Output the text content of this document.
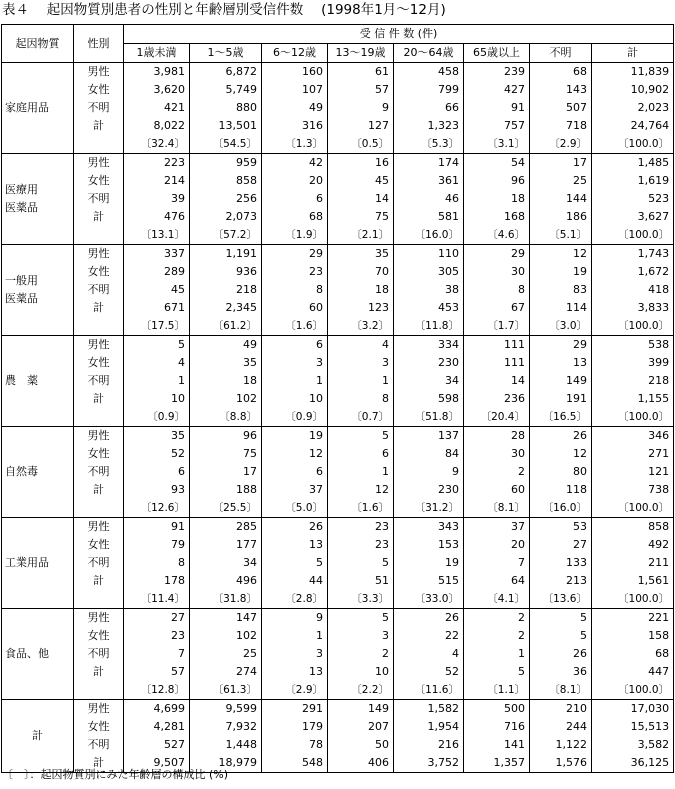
表４　 起因物質別患者の性別と年齢層別受信件数　 (1998年1月～12月)
起因物質	性別	受 信 件 数 (件)							
		1歳未満	1～5歳	6～12歳	13～19歳	20～64歳	65歳以上	不明	計
家庭用品	男性	3,981	6,872	160	61	458	239	68	11,839
	女性	3,620	5,749	107	57	799	427	143	10,902
	不明	421	880	49	9	66	91	507	2,023
	計	8,022	13,501	316	127	1,323	757	718	24,764
		〔32.4〕	〔54.5〕	〔1.3〕	〔0.5〕	〔5.3〕	〔3.1〕	〔2.9〕	〔100.0〕
医療用
医薬品	男性	223	959	42	16	174	54	17	1,485
	女性	214	858	20	45	361	96	25	1,619
	不明	39	256	6	14	46	18	144	523
	計	476	2,073	68	75	581	168	186	3,627
		〔13.1〕	〔57.2〕	〔1.9〕	〔2.1〕	〔16.0〕	〔4.6〕	〔5.1〕	〔100.0〕
一般用
医薬品	男性	337	1,191	29	35	110	29	12	1,743
	女性	289	936	23	70	305	30	19	1,672
	不明	45	218	8	18	38	8	83	418
	計	671	2,345	60	123	453	67	114	3,833
		〔17.5〕	〔61.2〕	〔1.6〕	〔3.2〕	〔11.8〕	〔1.7〕	〔3.0〕	〔100.0〕
農　薬	男性	5	49	6	4	334	111	29	538
	女性	4	35	3	3	230	111	13	399
	不明	1	18	1	1	34	14	149	218
	計	10	102	10	8	598	236	191	1,155
		〔0.9〕	〔8.8〕	〔0.9〕	〔0.7〕	〔51.8〕	〔20.4〕	〔16.5〕	〔100.0〕
自然毒	男性	35	96	19	5	137	28	26	346
	女性	52	75	12	6	84	30	12	271
	不明	6	17	6	1	9	2	80	121
	計	93	188	37	12	230	60	118	738
		〔12.6〕	〔25.5〕	〔5.0〕	〔1.6〕	〔31.2〕	〔8.1〕	〔16.0〕	〔100.0〕
工業用品	男性	91	285	26	23	343	37	53	858
	女性	79	177	13	23	153	20	27	492
	不明	8	34	5	5	19	7	133	211
	計	178	496	44	51	515	64	213	1,561
		〔11.4〕	〔31.8〕	〔2.8〕	〔3.3〕	〔33.0〕	〔4.1〕	〔13.6〕	〔100.0〕
食品、他	男性	27	147	9	5	26	2	5	221
	女性	23	102	1	3	22	2	5	158
	不明	7	25	3	2	4	1	26	68
	計	57	274	13	10	52	5	36	447
		〔12.8〕	〔61.3〕	〔2.9〕	〔2.2〕	〔11.6〕	〔1.1〕	〔8.1〕	〔100.0〕
計	男性	4,699	9,599	291	149	1,582	500	210	17,030
	女性	4,281	7,932	179	207	1,954	716	244	15,513
	不明	527	1,448	78	50	216	141	1,122	3,582
	計	9,507	18,979	548	406	3,752	1,357	1,576	36,125
〔　〕：起因物質別にみた年齢層の構成比 (%)
